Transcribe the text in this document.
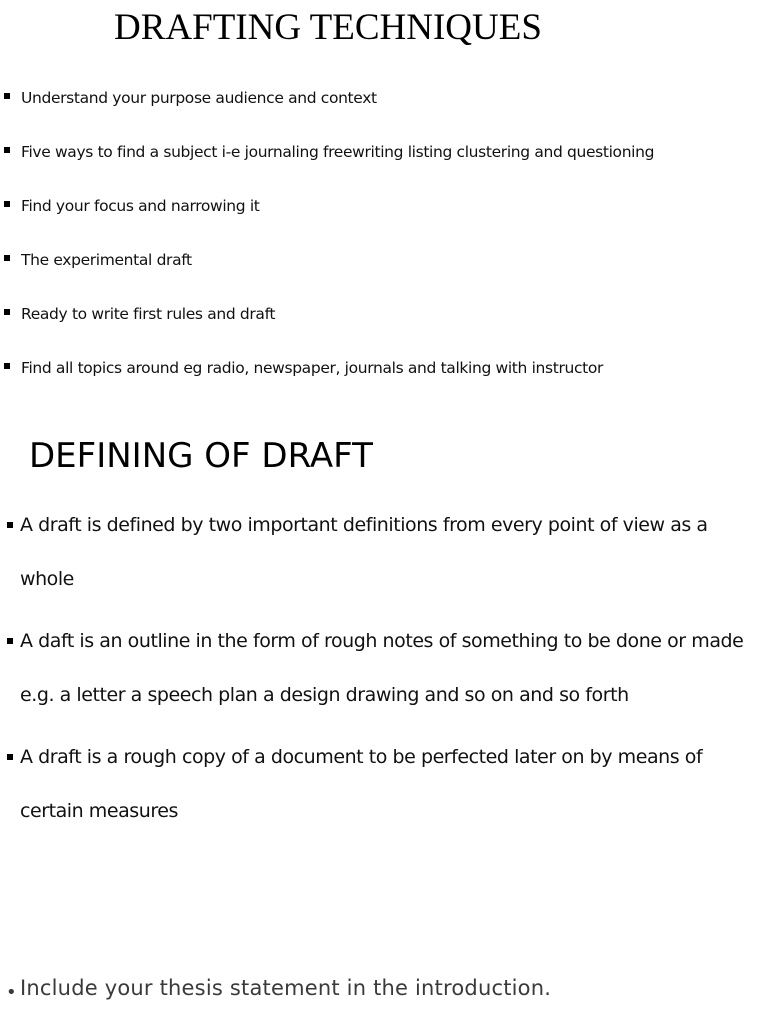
DRAFTING TECHNIQUES
Understand your purpose audience and context
Five ways to find a subject i-e journaling freewriting listing clustering and questioning
Find your focus and narrowing it
The experimental draft
Ready to write first rules and draft
Find all topics around eg radio, newspaper, journals and talking with instructor
DEFINING OF DRAFT
A draft is defined by two important definitions from every point of view as a whole
A daft is an outline in the form of rough notes of something to be done or made e.g. a letter a speech plan a design drawing and so on and so forth
A draft is a rough copy of a document to be perfected later on by means of certain measures
• Include your thesis statement in the introduction.
